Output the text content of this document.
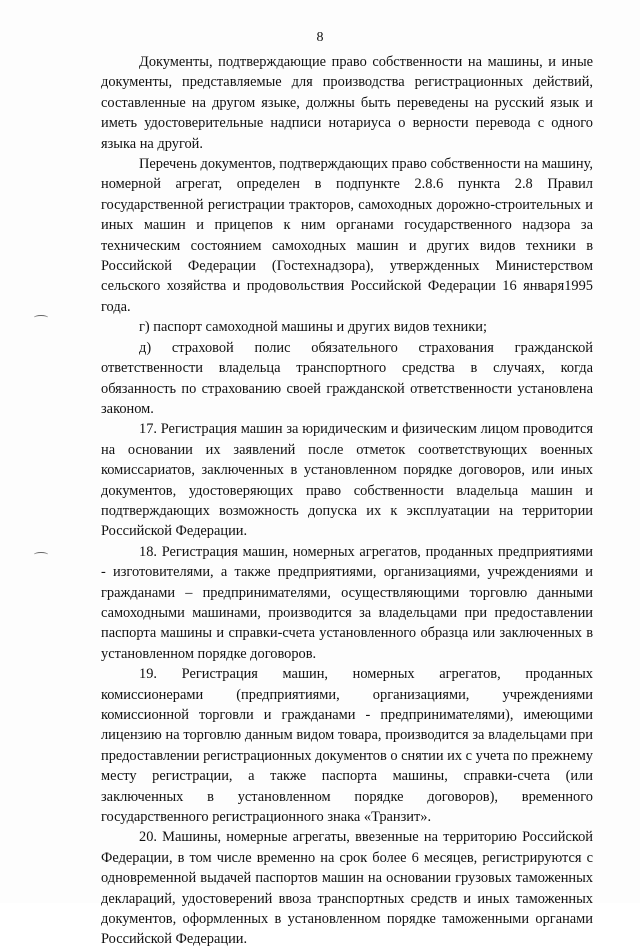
8

Документы, подтверждающие право собственности на машины, и иные документы, представляемые для производства регистрационных действий, составленные на другом языке, должны быть переведены на русский язык и иметь удостоверительные надписи нотариуса о верности перевода с одного языка на другой.

Перечень документов, подтверждающих право собственности на машину, номерной агрегат, определен в подпункте 2.8.6 пункта 2.8 Правил государственной регистрации тракторов, самоходных дорожно-строительных и иных машин и прицепов к ним органами государственного надзора за техническим состоянием самоходных машин и других видов техники в Российской Федерации (Гостехнадзора), утвержденных Министерством сельского хозяйства и продовольствия Российской Федерации 16 января1995 года.

г) паспорт самоходной машины и других видов техники;

д) страховой полис обязательного страхования гражданской ответственности владельца транспортного средства в случаях, когда обязанность по страхованию своей гражданской ответственности установлена законом.

17. Регистрация машин за юридическим и физическим лицом проводится на основании их заявлений после отметок соответствующих военных комиссариатов, заключенных в установленном порядке договоров, или иных документов, удостоверяющих право собственности владельца машин и подтверждающих возможность допуска их к эксплуатации на территории Российской Федерации.

18. Регистрация машин, номерных агрегатов, проданных предприятиями - изготовителями, а также предприятиями, организациями, учреждениями и гражданами – предпринимателями, осуществляющими торговлю данными самоходными машинами, производится за владельцами при предоставлении паспорта машины и справки-счета установленного образца или заключенных в установленном порядке договоров.

19. Регистрация машин, номерных агрегатов, проданных комиссионерами (предприятиями, организациями, учреждениями комиссионной торговли и гражданами - предпринимателями), имеющими лицензию на торговлю данным видом товара, производится за владельцами при предоставлении регистрационных документов о снятии их с учета по прежнему месту регистрации, а также паспорта машины, справки-счета (или заключенных в установленном порядке договоров), временного государственного регистрационного знака «Транзит».

20. Машины, номерные агрегаты, ввезенные на территорию Российской Федерации, в том числе временно на срок более 6 месяцев, регистрируются с одновременной выдачей паспортов машин на основании грузовых таможенных деклараций, удостоверений ввоза транспортных средств и иных таможенных документов, оформленных в установленном порядке таможенными органами Российской Федерации.
